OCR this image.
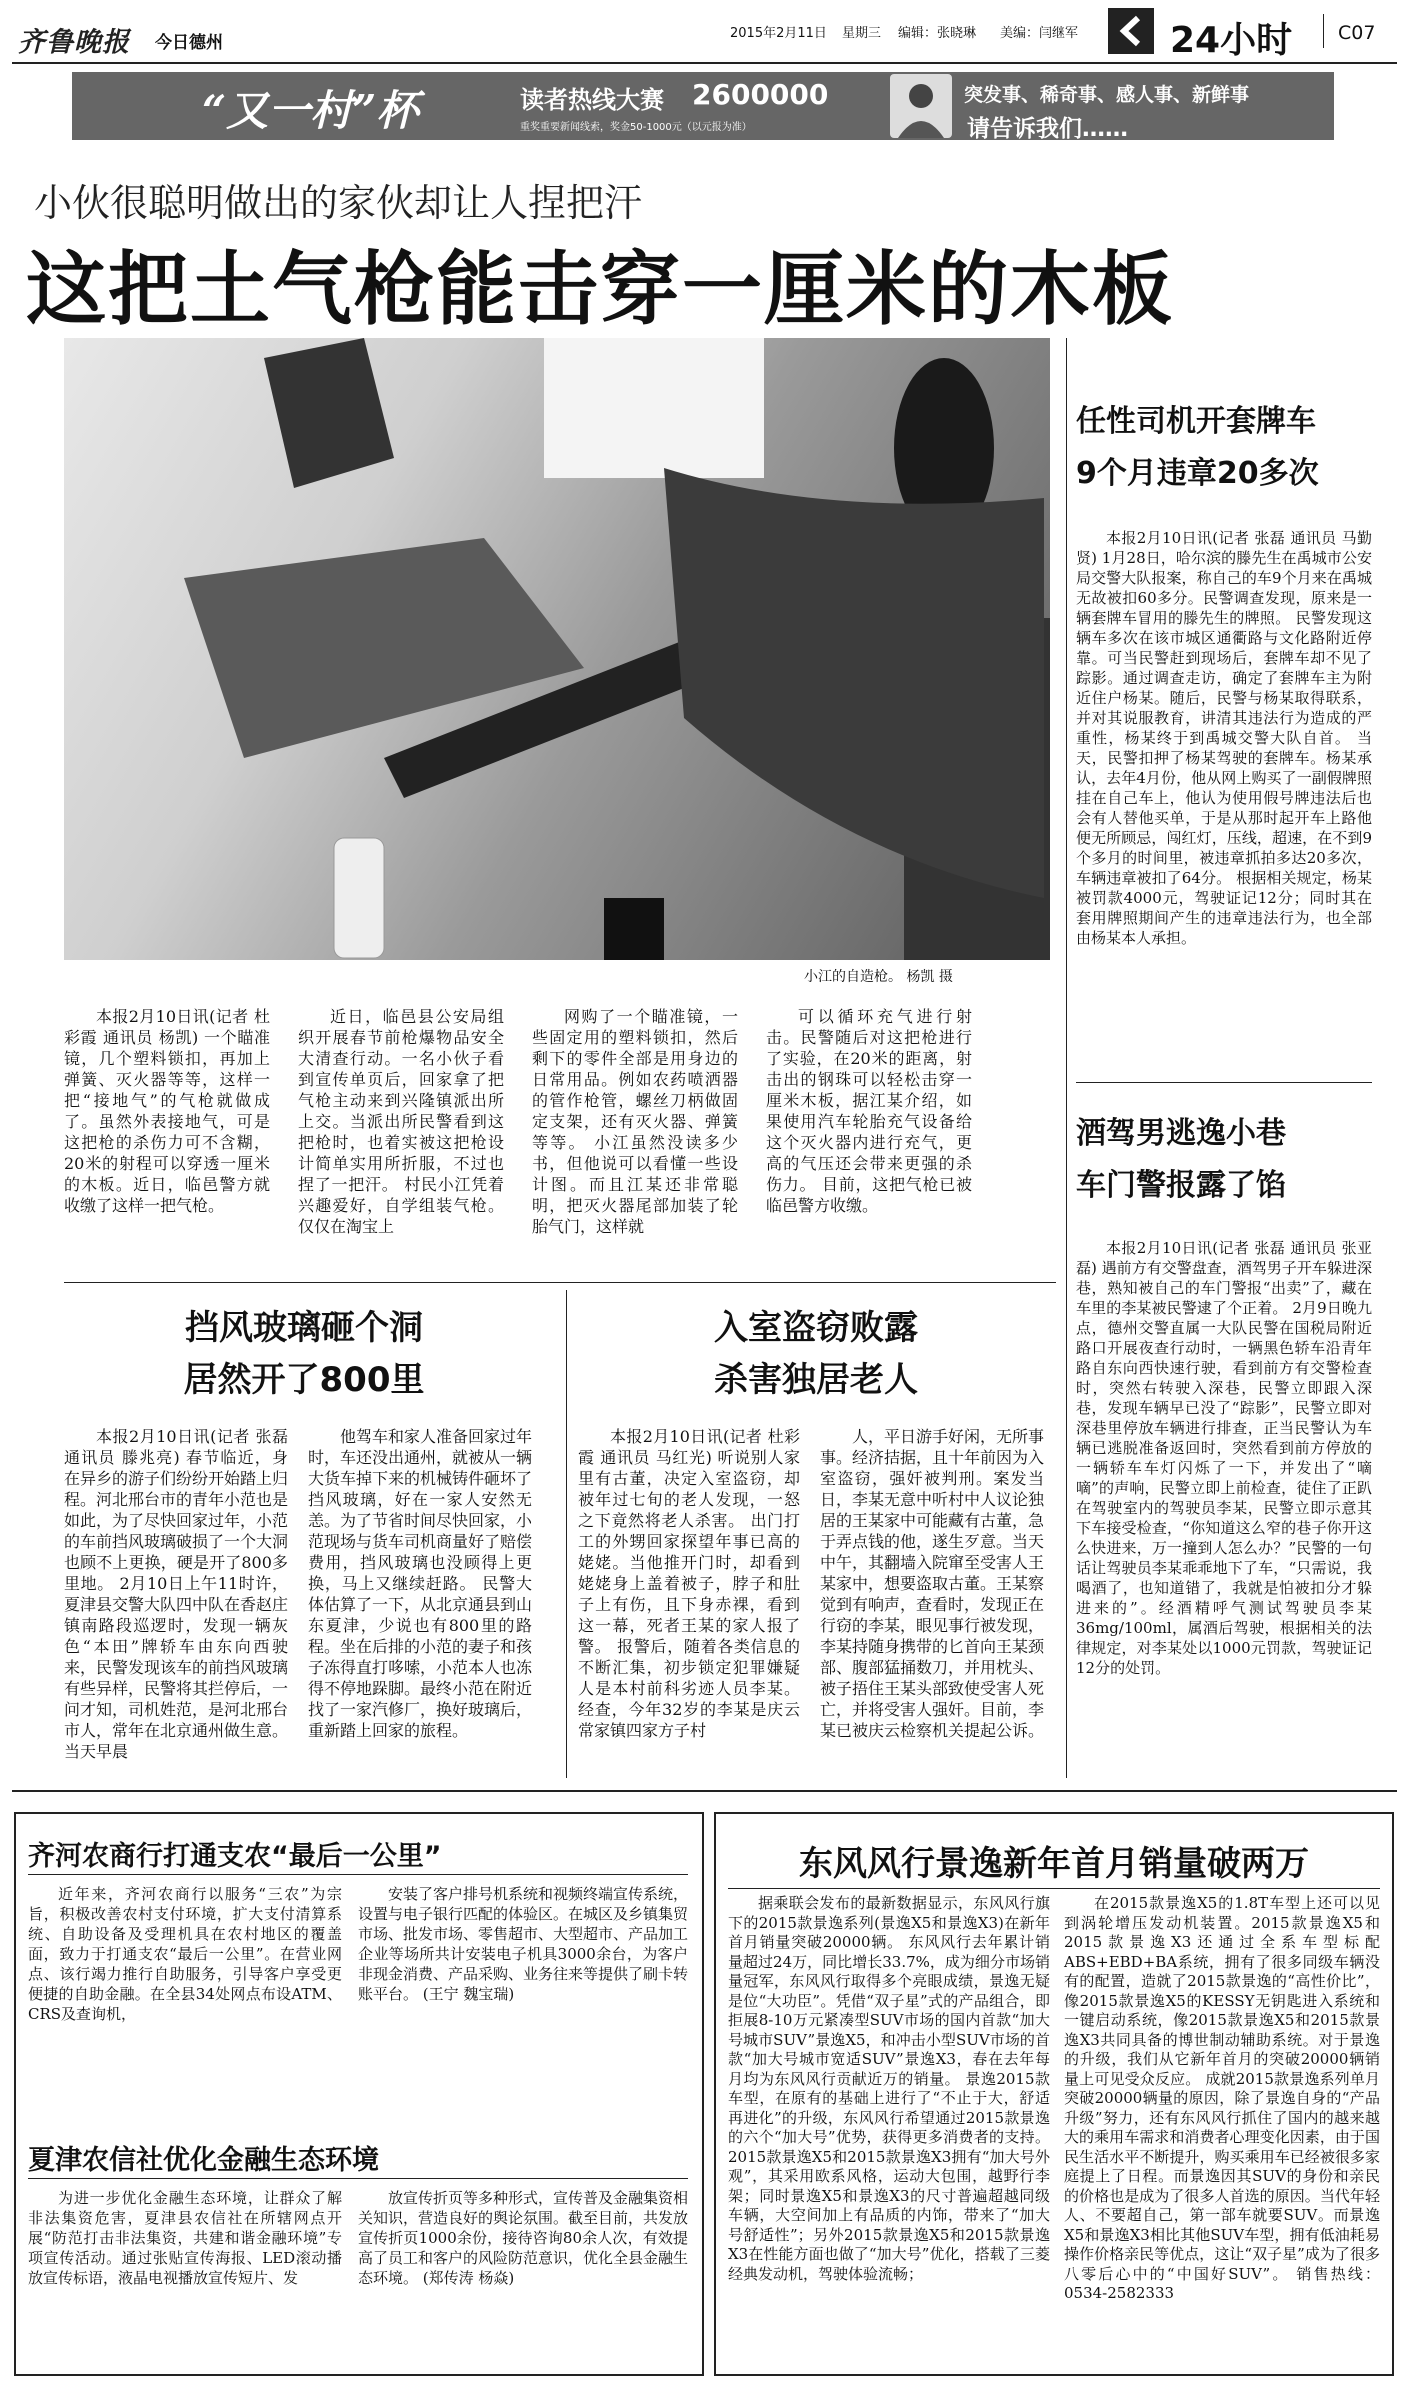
齐鲁晚报 今日德州	2015年2月11日 星期三 编辑：张晓琳 美编：闫继军	24小时 C07
“又一村”杯	读者热线大赛 2600000
重奖重要新闻线索，奖金50-1000元（以元报为准）
突发事、稀奇事、感人事、新鲜事
请告诉我们……
小伙很聪明做出的家伙却让人捏把汗
这把土气枪能击穿一厘米的木板
小江的自造枪。 杨凯 摄

本报2月10日讯(记者 杜彩霞 通讯员 杨凯) 一个瞄准镜，几个塑料锁扣，再加上弹簧、灭火器等等，这样一把“接地气”的气枪就做成了。虽然外表接地气，可是这把枪的杀伤力可不含糊，20米的射程可以穿透一厘米的木板。近日，临邑警方就收缴了这样一把气枪。

近日，临邑县公安局组织开展春节前枪爆物品安全大清查行动。一名小伙子看到宣传单页后，回家拿了把气枪主动来到兴隆镇派出所上交。当派出所民警看到这把枪时，也着实被这把枪设计简单实用所折服，不过也捏了一把汗。 村民小江凭着兴趣爱好，自学组装气枪。仅仅在淘宝上

网购了一个瞄准镜，一些固定用的塑料锁扣，然后剩下的零件全部是用身边的日常用品。例如农药喷洒器的管作枪管，螺丝刀柄做固定支架，还有灭火器、弹簧等等。 小江虽然没读多少书，但他说可以看懂一些设计图。而且江某还非常聪明，把灭火器尾部加装了轮胎气门，这样就

可以循环充气进行射击。民警随后对这把枪进行了实验，在20米的距离，射击出的钢珠可以轻松击穿一厘米木板，据江某介绍，如果使用汽车轮胎充气设备给这个灭火器内进行充气，更高的气压还会带来更强的杀伤力。 目前，这把气枪已被临邑警方收缴。

任性司机开套牌车
9个月违章20多次

本报2月10日讯(记者 张磊 通讯员 马勤贤) 1月28日，哈尔滨的滕先生在禹城市公安局交警大队报案，称自己的车9个月来在禹城无故被扣60多分。民警调查发现，原来是一辆套牌车冒用的滕先生的牌照。 民警发现这辆车多次在该市城区通衢路与文化路附近停靠。可当民警赶到现场后，套牌车却不见了踪影。通过调查走访，确定了套牌车主为附近住户杨某。随后，民警与杨某取得联系，并对其说服教育，讲清其违法行为造成的严重性，杨某终于到禹城交警大队自首。 当天，民警扣押了杨某驾驶的套牌车。杨某承认，去年4月份，他从网上购买了一副假牌照挂在自己车上，他认为使用假号牌违法后也会有人替他买单，于是从那时起开车上路他便无所顾忌，闯红灯，压线，超速，在不到9个多月的时间里，被违章抓拍多达20多次，车辆违章被扣了64分。 根据相关规定，杨某被罚款4000元，驾驶证记12分；同时其在套用牌照期间产生的违章违法行为，也全部由杨某本人承担。

酒驾男逃逸小巷
车门警报露了馅

本报2月10日讯(记者 张磊 通讯员 张亚磊) 遇前方有交警盘查，酒驾男子开车躲进深巷，熟知被自己的车门警报“出卖”了，藏在车里的李某被民警逮了个正着。 2月9日晚九点，德州交警直属一大队民警在国税局附近路口开展夜查行动时，一辆黑色轿车沿青年路自东向西快速行驶，看到前方有交警检查时，突然右转驶入深巷，民警立即跟入深巷，发现车辆早已没了“踪影”，民警立即对深巷里停放车辆进行排查，正当民警认为车辆已逃脱准备返回时，突然看到前方停放的一辆轿车车灯闪烁了一下，并发出了“嘀嘀”的声响，民警立即上前检查，徒住了正趴在驾驶室内的驾驶员李某，民警立即示意其下车接受检查，“你知道这么窄的巷子你开这么快进来，万一撞到人怎么办？”民警的一句话让驾驶员李某乖乖地下了车，“只需说，我喝酒了，也知道错了，我就是怕被扣分才躲进来的”。经酒精呼气测试驾驶员李某36mg/100ml，属酒后驾驶，根据相关的法律规定，对李某处以1000元罚款，驾驶证记12分的处罚。

挡风玻璃砸个洞
居然开了800里

本报2月10日讯(记者 张磊 通讯员 滕兆亮) 春节临近，身在异乡的游子们纷纷开始踏上归程。河北邢台市的青年小范也是如此，为了尽快回家过年，小范的车前挡风玻璃破损了一个大洞也顾不上更换，硬是开了800多里地。 2月10日上午11时许，夏津县交警大队四中队在香赵庄镇南路段巡逻时，发现一辆灰色“本田”牌轿车由东向西驶来，民警发现该车的前挡风玻璃有些异样，民警将其拦停后，一问才知，司机姓范，是河北邢台市人，常年在北京通州做生意。当天早晨

他驾车和家人准备回家过年时，车还没出通州，就被从一辆大货车掉下来的机械铸件砸坏了挡风玻璃，好在一家人安然无恙。为了节省时间尽快回家，小范现场与货车司机商量好了赔偿费用，挡风玻璃也没顾得上更换，马上又继续赶路。 民警大体估算了一下，从北京通县到山东夏津，少说也有800里的路程。坐在后排的小范的妻子和孩子冻得直打哆嗦，小范本人也冻得不停地跺脚。最终小范在附近找了一家汽修厂，换好玻璃后，重新踏上回家的旅程。

入室盗窃败露
杀害独居老人

本报2月10日讯(记者 杜彩霞 通讯员 马红光) 听说别人家里有古董，决定入室盗窃，却被年过七旬的老人发现，一怒之下竟然将老人杀害。 出门打工的外甥回家探望年事已高的姥姥。当他推开门时，却看到姥姥身上盖着被子，脖子和肚子上有伤，且下身赤裸，看到这一幕，死者王某的家人报了警。 报警后，随着各类信息的不断汇集，初步锁定犯罪嫌疑人是本村前科劣迹人员李某。经查，今年32岁的李某是庆云常家镇四家方子村

人，平日游手好闲，无所事事。经济拮据，且十年前因为入室盗窃，强奸被判刑。案发当日，李某无意中听村中人议论独居的王某家中可能藏有古董，急于弄点钱的他，遂生歹意。当天中午，其翻墙入院窜至受害人王某家中，想要盗取古董。王某察觉到有响声，查看时，发现正在行窃的李某，眼见事行被发现，李某持随身携带的匕首向王某颈部、腹部猛捅数刀，并用枕头、被子捂住王某头部致使受害人死亡，并将受害人强奸。目前，李某已被庆云检察机关提起公诉。

齐河农商行打通支农“最后一公里”

近年来，齐河农商行以服务“三农”为宗旨，积极改善农村支付环境，扩大支付清算系统、自助设备及受理机具在农村地区的覆盖面，致力于打通支农“最后一公里”。在营业网点、该行竭力推行自助服务，引导客户享受更便捷的自助金融。在全县34处网点布设ATM、CRS及查询机，

安装了客户排号机系统和视频终端宣传系统，设置与电子银行匹配的体验区。在城区及乡镇集贸市场、批发市场、零售超市、大型超市、产品加工企业等场所共计安装电子机具3000余台，为客户非现金消费、产品采购、业务往来等提供了刷卡转账平台。 (王宁 魏宝瑞)

夏津农信社优化金融生态环境

为进一步优化金融生态环境，让群众了解非法集资危害，夏津县农信社在所辖网点开展“防范打击非法集资，共建和谐金融环境”专项宣传活动。通过张贴宣传海报、LED滚动播放宣传标语，液晶电视播放宣传短片、发

放宣传折页等多种形式，宣传普及金融集资相关知识，营造良好的舆论氛围。截至目前，共发放宣传折页1000余份，接待咨询80余人次，有效提高了员工和客户的风险防范意识，优化全县金融生态环境。 (郑传涛 杨焱)

东风风行景逸新年首月销量破两万

据乘联会发布的最新数据显示，东风风行旗下的2015款景逸系列(景逸X5和景逸X3)在新年首月销量突破20000辆。 东风风行去年累计销量超过24万，同比增长33.7%，成为细分市场销量冠军，东风风行取得多个亮眼成绩，景逸无疑是位“大功臣”。凭借“双子星”式的产品组合，即拒展8-10万元紧凑型SUV市场的国内首款“加大号城市SUV”景逸X5，和冲击小型SUV市场的首款“加大号城市宽适SUV”景逸X3，春在去年每月均为东风风行贡献近万的销量。 景逸2015款车型，在原有的基础上进行了“不止于大，舒适再进化”的升级，东风风行希望通过2015款景逸的六个“加大号”优势，获得更多消费者的支持。 2015款景逸X5和2015款景逸X3拥有“加大号外观”，其采用欧系风格，运动大包围，越野行李架；同时景逸X5和景逸X3的尺寸普遍超越同级车辆，大空间加上有品质的内饰，带来了“加大号舒适性”；另外2015款景逸X5和2015款景逸X3在性能方面也做了“加大号”优化，搭载了三菱经典发动机，驾驶体验流畅；

在2015款景逸X5的1.8T车型上还可以见到涡轮增压发动机装置。2015款景逸X5和2015款景逸X3还通过全系车型标配ABS+EBD+BA系统，拥有了很多同级车辆没有的配置，造就了2015款景逸的“高性价比”，像2015款景逸X5的KESSY无钥匙进入系统和一键启动系统，像2015款景逸X5和2015款景逸X3共同具备的博世制动辅助系统。对于景逸的升级，我们从它新年首月的突破20000辆销量上可见受众反应。 成就2015款景逸系列单月突破20000辆量的原因，除了景逸自身的“产品升级”努力，还有东风风行抓住了国内的越来越大的乘用车需求和消费者心理变化因素，由于国民生活水平不断提升，购买乘用车已经被很多家庭提上了日程。而景逸因其SUV的身份和亲民的价格也是成为了很多人首选的原因。当代年轻人、不要超自己，第一部车就要SUV。而景逸X5和景逸X3相比其他SUV车型，拥有低油耗易操作价格亲民等优点，这让“双子星”成为了很多八零后心中的“中国好SUV”。 销售热线：0534-2582333
